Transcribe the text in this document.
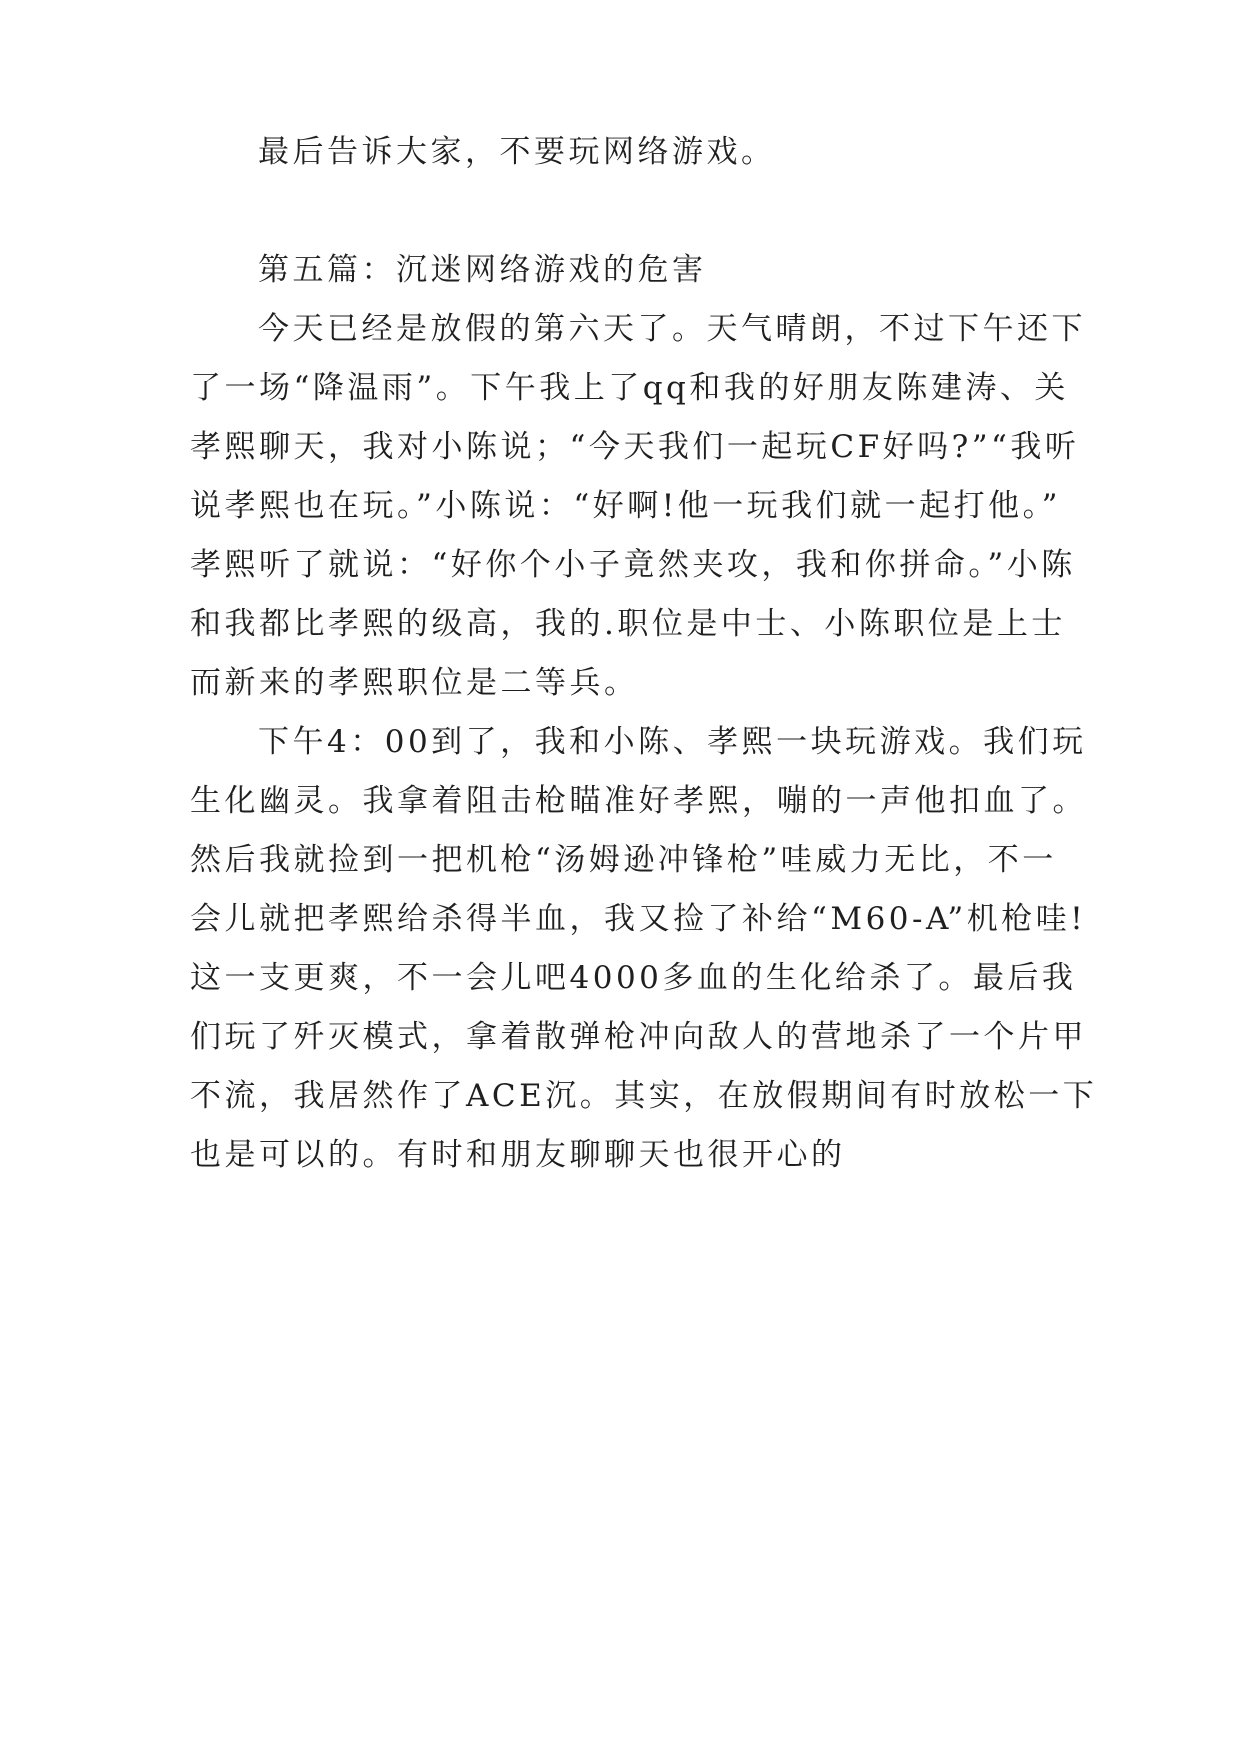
最后告诉大家，不要玩网络游戏。
第五篇：沉迷网络游戏的危害
今天已经是放假的第六天了。天气晴朗，不过下午还下
了一场“降温雨”。下午我上了qq和我的好朋友陈建涛、关
孝熙聊天，我对小陈说；“今天我们一起玩CF好吗?”“我听
说孝熙也在玩。”小陈说：“好啊!他一玩我们就一起打他。”
孝熙听了就说：“好你个小子竟然夹攻，我和你拼命。”小陈
和我都比孝熙的级高，我的.职位是中士、小陈职位是上士
而新来的孝熙职位是二等兵。
下午4：00到了，我和小陈、孝熙一块玩游戏。我们玩
生化幽灵。我拿着阻击枪瞄准好孝熙，嘣的一声他扣血了。
然后我就捡到一把机枪“汤姆逊冲锋枪”哇威力无比，不一
会儿就把孝熙给杀得半血，我又捡了补给“M60-A”机枪哇!
这一支更爽，不一会儿吧4000多血的生化给杀了。最后我
们玩了歼灭模式，拿着散弹枪冲向敌人的营地杀了一个片甲
不流，我居然作了ACE沉。其实，在放假期间有时放松一下
也是可以的。有时和朋友聊聊天也很开心的
